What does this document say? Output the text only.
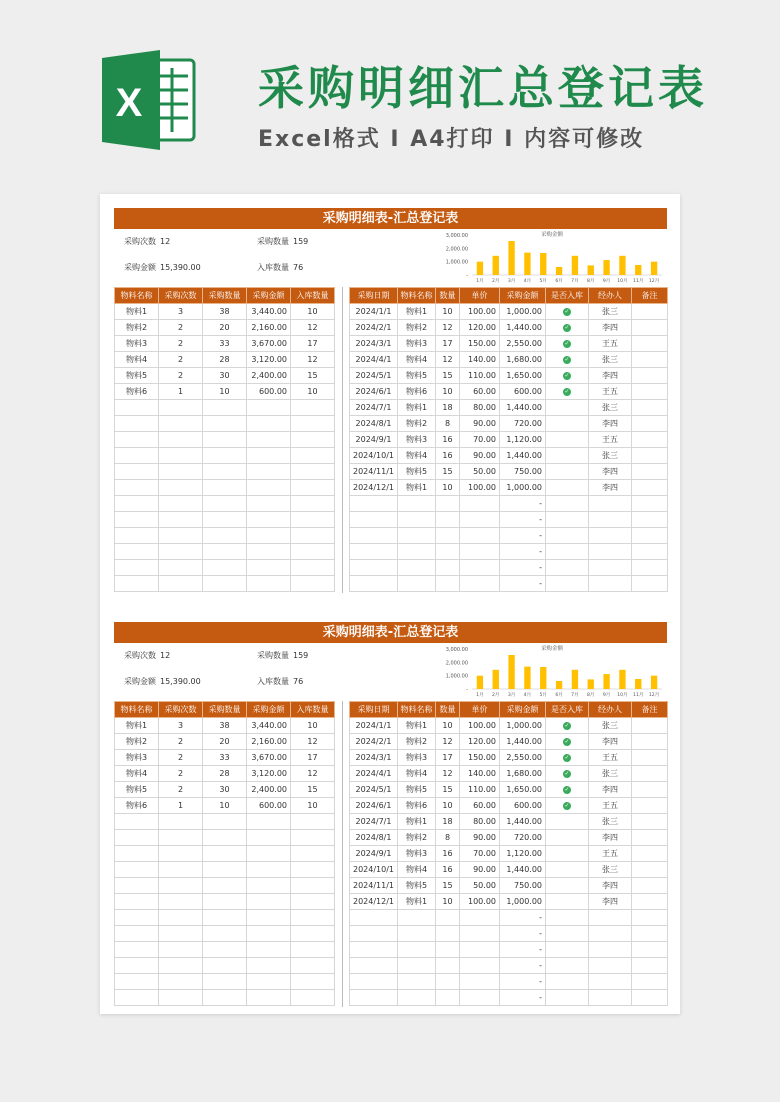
X	采购明细汇总登记表
Excel格式 I A4打印 I 内容可修改
采购明细表-汇总登记表
采购次数 12	采购数量 159
采购金额 15,390.00	入库数量 76
采购金额
-
1,000.00
2,000.00
3,000.00
1月 2月 3月 4月 5月 6月 7月 8月 9月 10月 11月 12月
物料名称	采购次数	采购数量	采购金额	入库数量
物料1	3	38	3,440.00	10
物料2	2	20	2,160.00	12
物料3	2	33	3,670.00	17
物料4	2	28	3,120.00	12
物料5	2	30	2,400.00	15
物料6	1	10	600.00	10

采购日期	物料名称	数量	单价	采购金额	是否入库	经办人	备注
2024/1/1	物料1	10	100.00	1,000.00	✓	张三	
2024/2/1	物料2	12	120.00	1,440.00	✓	李四	
2024/3/1	物料3	17	150.00	2,550.00	✓	王五	
2024/4/1	物料4	12	140.00	1,680.00	✓	张三	
2024/5/1	物料5	15	110.00	1,650.00	✓	李四	
2024/6/1	物料6	10	60.00	600.00	✓	王五	
2024/7/1	物料1	18	80.00	1,440.00		张三	
2024/8/1	物料2	8	90.00	720.00		李四	
2024/9/1	物料3	16	70.00	1,120.00		王五	
2024/10/1	物料4	16	90.00	1,440.00		张三	
2024/11/1	物料5	15	50.00	750.00		李四	
2024/12/1	物料1	10	100.00	1,000.00		李四	
				-			
				-			
				-			
				-			
				-			
				-			
采购明细表-汇总登记表
采购次数 12	采购数量 159
采购金额 15,390.00	入库数量 76
采购金额
-
1,000.00
2,000.00
3,000.00
1月 2月 3月 4月 5月 6月 7月 8月 9月 10月 11月 12月
物料名称	采购次数	采购数量	采购金额	入库数量
物料1	3	38	3,440.00	10
物料2	2	20	2,160.00	12
物料3	2	33	3,670.00	17
物料4	2	28	3,120.00	12
物料5	2	30	2,400.00	15
物料6	1	10	600.00	10

采购日期	物料名称	数量	单价	采购金额	是否入库	经办人	备注
2024/1/1	物料1	10	100.00	1,000.00	✓	张三	
2024/2/1	物料2	12	120.00	1,440.00	✓	李四	
2024/3/1	物料3	17	150.00	2,550.00	✓	王五	
2024/4/1	物料4	12	140.00	1,680.00	✓	张三	
2024/5/1	物料5	15	110.00	1,650.00	✓	李四	
2024/6/1	物料6	10	60.00	600.00	✓	王五	
2024/7/1	物料1	18	80.00	1,440.00		张三	
2024/8/1	物料2	8	90.00	720.00		李四	
2024/9/1	物料3	16	70.00	1,120.00		王五	
2024/10/1	物料4	16	90.00	1,440.00		张三	
2024/11/1	物料5	15	50.00	750.00		李四	
2024/12/1	物料1	10	100.00	1,000.00		李四	
				-			
				-			
				-			
				-			
				-			
				-			
